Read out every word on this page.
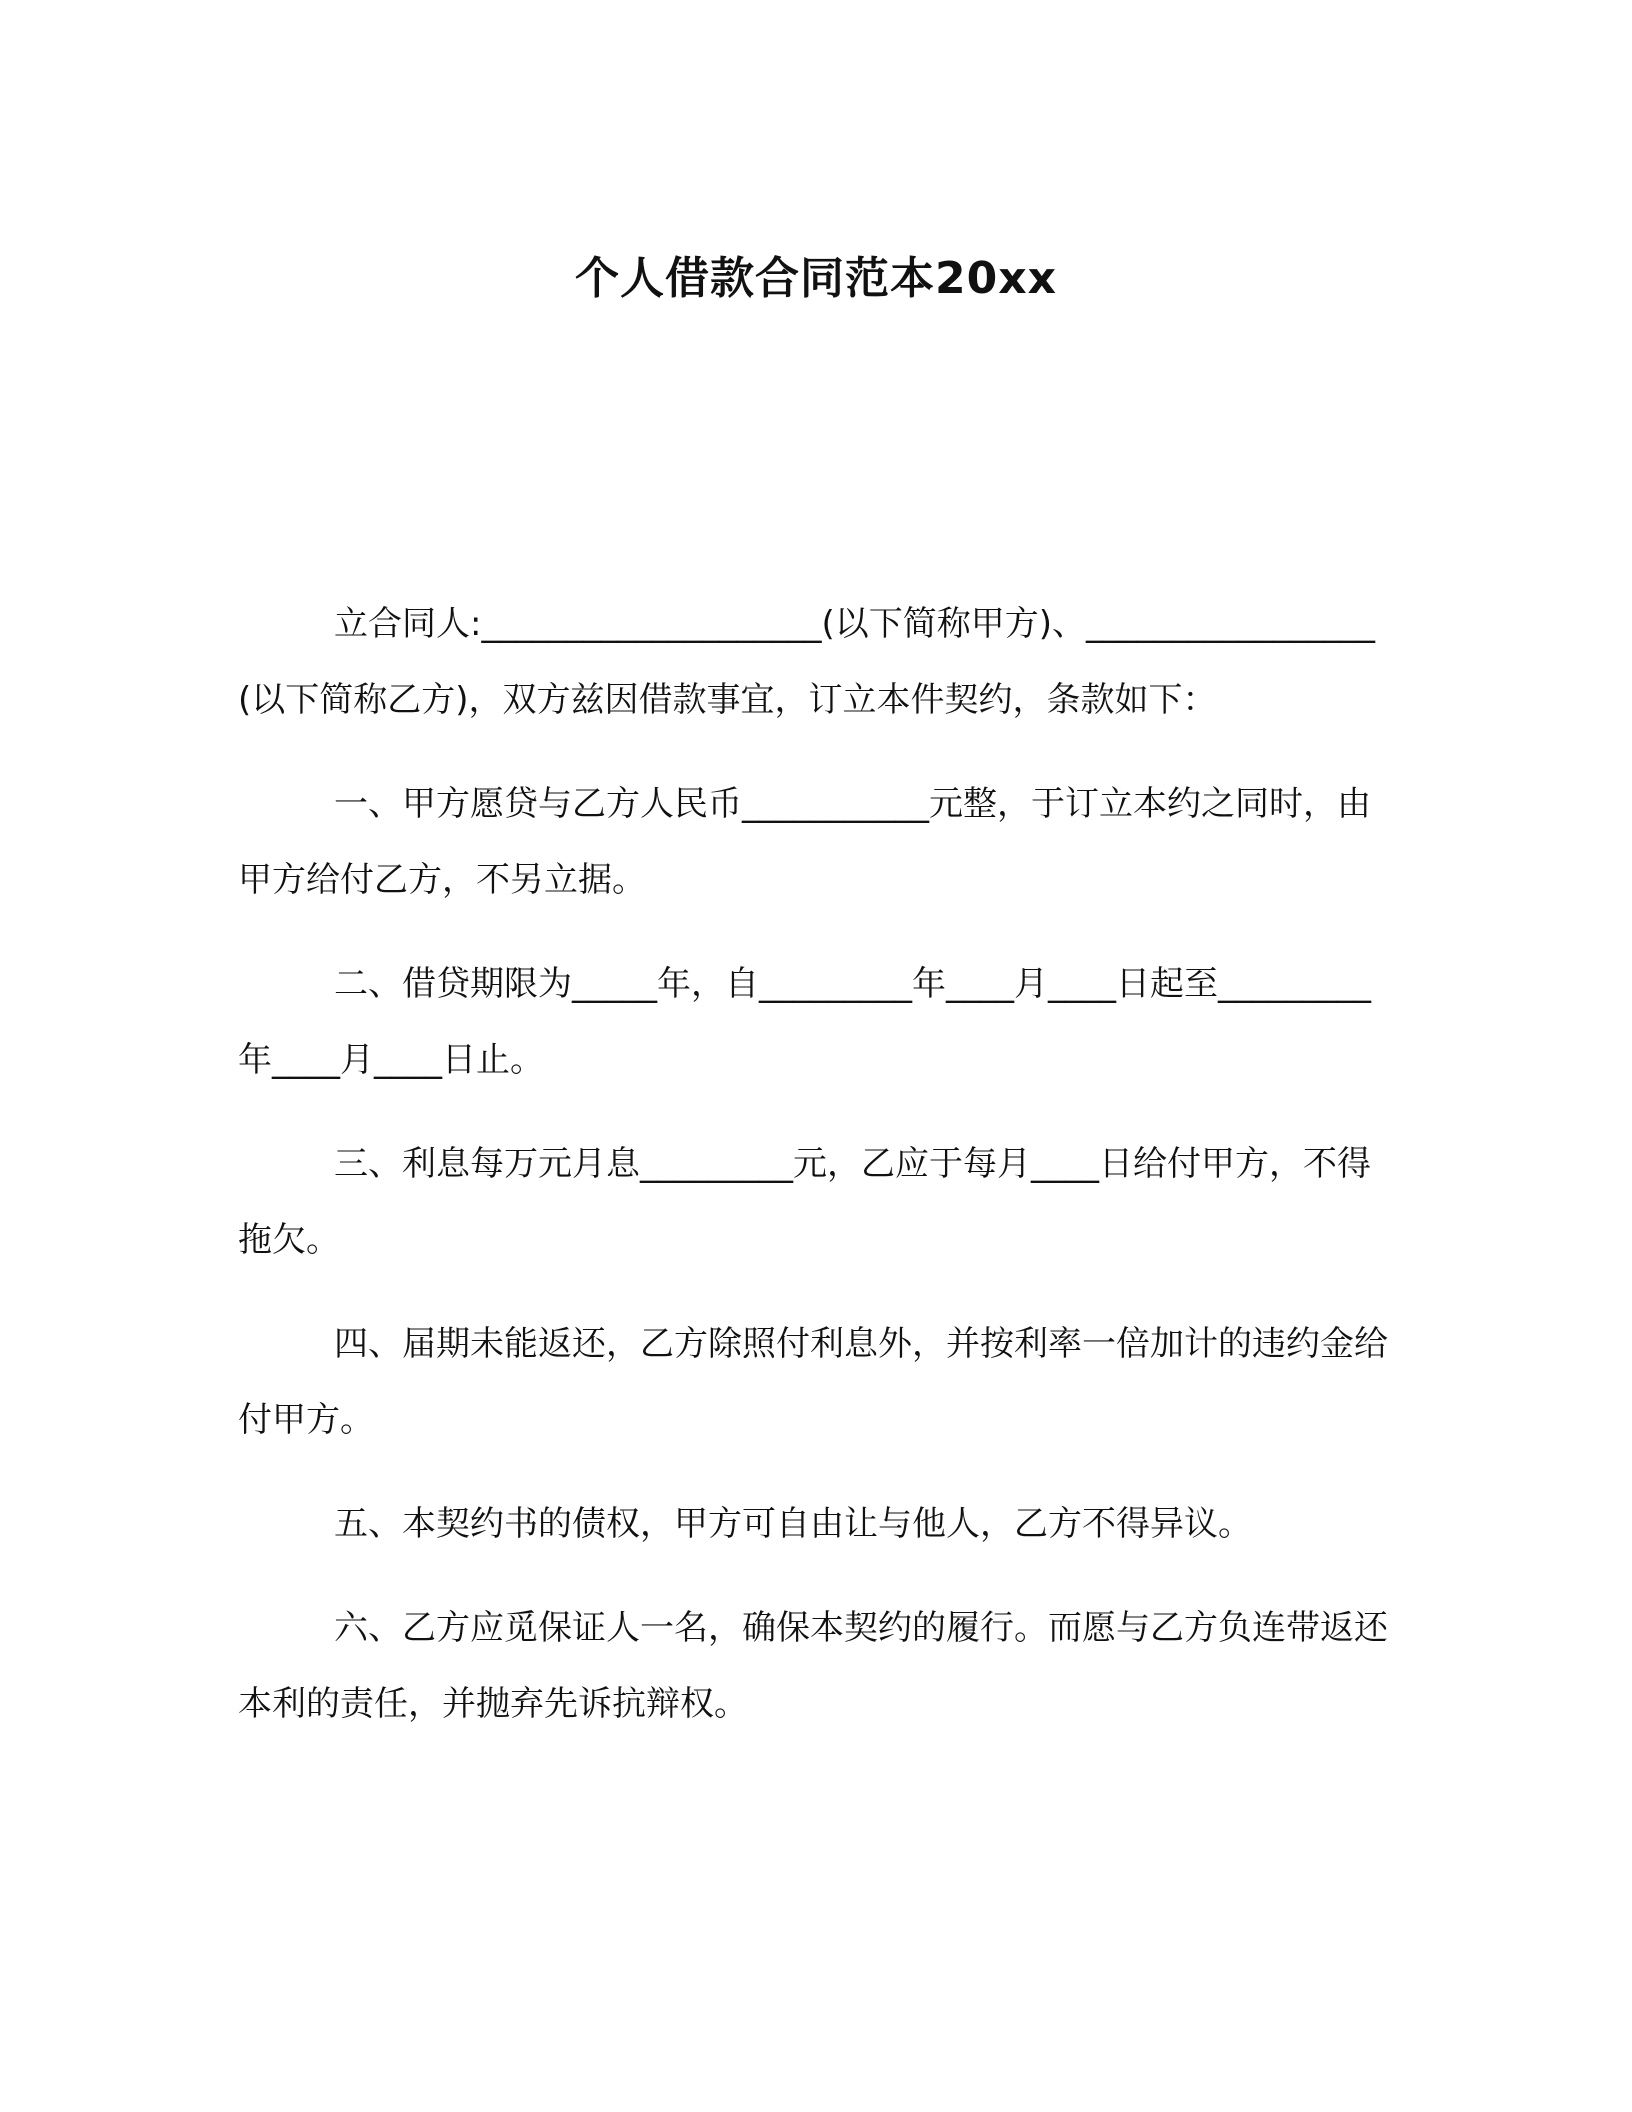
个人借款合同范本20xx

立合同人:____________________(以下简称甲方)、_________________(以下简称乙方)，双方兹因借款事宜，订立本件契约，条款如下：

一、甲方愿贷与乙方人民币___________元整，于订立本约之同时，由甲方给付乙方，不另立据。

二、借贷期限为_____年，自_________年____月____日起至_________年____月____日止。

三、利息每万元月息_________元，乙应于每月____日给付甲方，不得拖欠。

四、届期未能返还，乙方除照付利息外，并按利率一倍加计的违约金给付甲方。

五、本契约书的债权，甲方可自由让与他人，乙方不得异议。

六、乙方应觅保证人一名，确保本契约的履行。而愿与乙方负连带返还本利的责任，并抛弃先诉抗辩权。
